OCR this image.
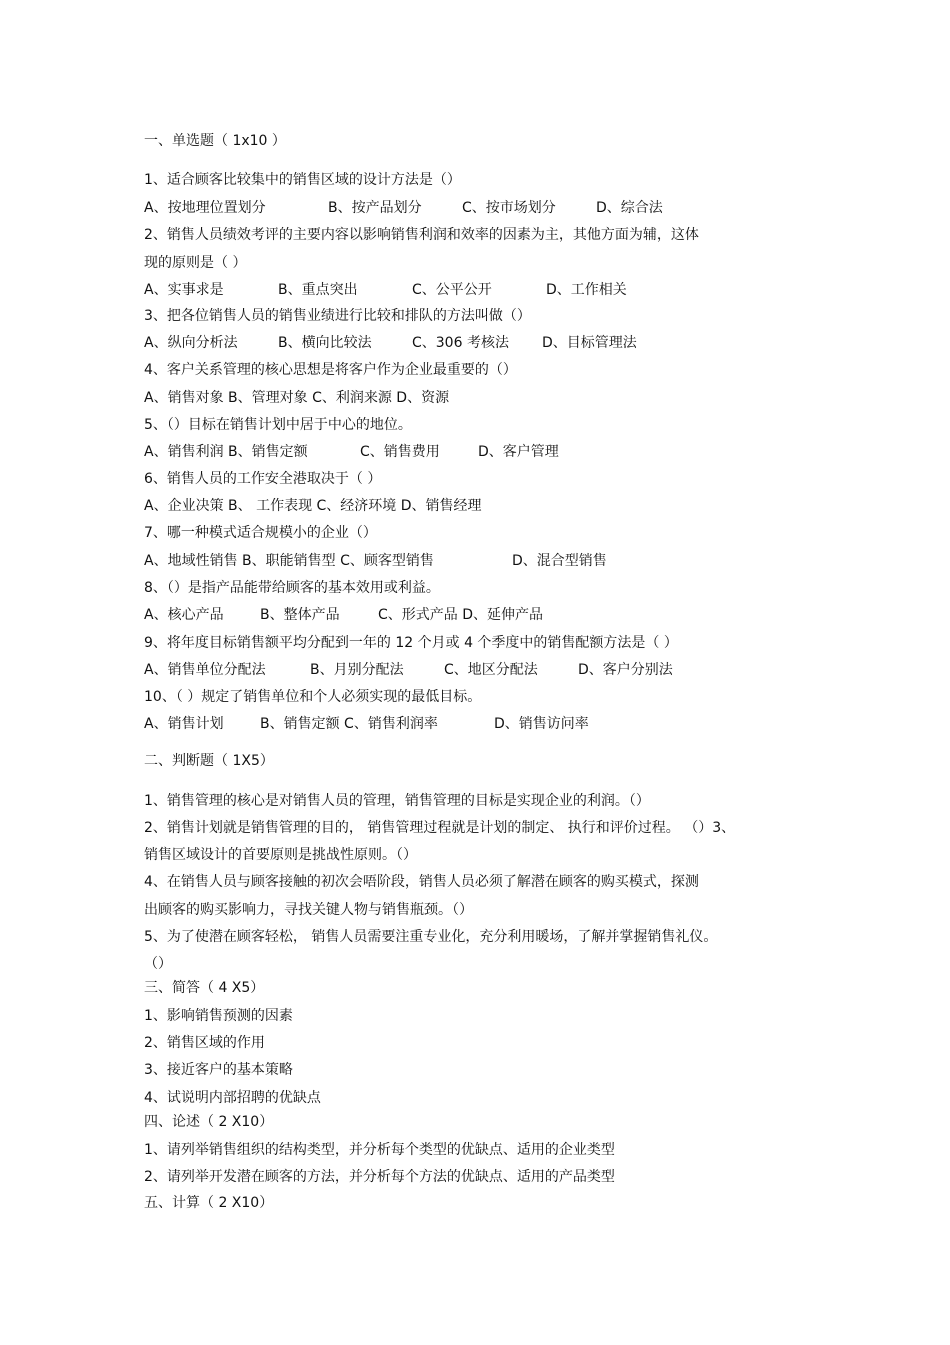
一、单选题（ 1x10 ）

1、适合顾客比较集中的销售区域的设计方法是（）

A、按地理位置划分	B、按产品划分	C、按市场划分	D、综合法

2、销售人员绩效考评的主要内容以影响销售利润和效率的因素为主，其他方面为辅，这体

现的原则是（ ）

A、实事求是	B、重点突出	C、公平公开	D、工作相关

3、把各位销售人员的销售业绩进行比较和排队的方法叫做（）

A、纵向分析法	B、横向比较法	C、306 考核法 D、目标管理法

4、客户关系管理的核心思想是将客户作为企业最重要的（）

A、销售对象 B、管理对象 C、利润来源 D、资源

5、（）目标在销售计划中居于中心的地位。

A、销售利润 B、销售定额	C、销售费用	D、客户管理

6、销售人员的工作安全港取决于（ ）

A、企业决策 B、 工作表现 C、经济环境 D、销售经理

7、哪一种模式适合规模小的企业（）

A、地域性销售 B、职能销售型 C、顾客型销售	D、混合型销售

8、（）是指产品能带给顾客的基本效用或利益。

A、核心产品	B、整体产品	C、形式产品 D、延伸产品

9、将年度目标销售额平均分配到一年的 12 个月或 4 个季度中的销售配额方法是（ ）

A、销售单位分配法	B、月别分配法	C、地区分配法	D、客户分别法

10、（ ）规定了销售单位和个人必须实现的最低目标。

A、销售计划	B、销售定额 C、销售利润率	D、销售访问率

二、判断题（ 1X5）

1、销售管理的核心是对销售人员的管理，销售管理的目标是实现企业的利润。（）

2、销售计划就是销售管理的目的， 销售管理过程就是计划的制定、 执行和评价过程。 （）3、

销售区域设计的首要原则是挑战性原则。（）

4、在销售人员与顾客接触的初次会唔阶段，销售人员必须了解潜在顾客的购买模式，探测

出顾客的购买影响力，寻找关键人物与销售瓶颈。（）

5、为了使潜在顾客轻松， 销售人员需要注重专业化，充分利用暖场，了解并掌握销售礼仪。

（）

三、简答（ 4 X5）

1、影响销售预测的因素

2、销售区域的作用

3、接近客户的基本策略

4、试说明内部招聘的优缺点

四、论述（ 2 X10）

1、请列举销售组织的结构类型，并分析每个类型的优缺点、适用的企业类型

2、请列举开发潜在顾客的方法，并分析每个方法的优缺点、适用的产品类型

五、计算（ 2 X10）
